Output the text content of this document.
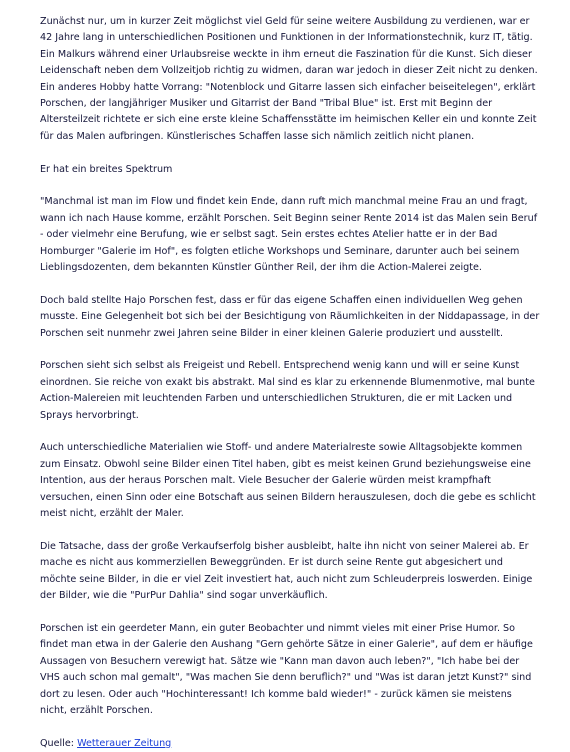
Zunächst nur, um in kurzer Zeit möglichst viel Geld für seine weitere Ausbildung zu verdienen, war er 42 Jahre lang in unterschiedlichen Positionen und Funktionen in der Informationstechnik, kurz IT, tätig. Ein Malkurs während einer Urlaubsreise weckte in ihm erneut die Faszination für die Kunst. Sich dieser Leidenschaft neben dem Vollzeitjob richtig zu widmen, daran war jedoch in dieser Zeit nicht zu denken. Ein anderes Hobby hatte Vorrang: "Notenblock und Gitarre lassen sich einfacher beiseitelegen", erklärt Porschen, der langjähriger Musiker und Gitarrist der Band "Tribal Blue" ist. Erst mit Beginn der Altersteilzeit richtete er sich eine erste kleine Schaffensstätte im heimischen Keller ein und konnte Zeit für das Malen aufbringen. Künstlerisches Schaffen lasse sich nämlich zeitlich nicht planen.

Er hat ein breites Spektrum

"Manchmal ist man im Flow und findet kein Ende, dann ruft mich manchmal meine Frau an und fragt, wann ich nach Hause komme, erzählt Porschen. Seit Beginn seiner Rente 2014 ist das Malen sein Beruf - oder vielmehr eine Berufung, wie er selbst sagt. Sein erstes echtes Atelier hatte er in der Bad Homburger "Galerie im Hof", es folgten etliche Workshops und Seminare, darunter auch bei seinem Lieblingsdozenten, dem bekannten Künstler Günther Reil, der ihm die Action-Malerei zeigte.

Doch bald stellte Hajo Porschen fest, dass er für das eigene Schaffen einen individuellen Weg gehen musste. Eine Gelegenheit bot sich bei der Besichtigung von Räumlichkeiten in der Niddapassage, in der Porschen seit nunmehr zwei Jahren seine Bilder in einer kleinen Galerie produziert und ausstellt.

Porschen sieht sich selbst als Freigeist und Rebell. Entsprechend wenig kann und will er seine Kunst einordnen. Sie reiche von exakt bis abstrakt. Mal sind es klar zu erkennende Blumenmotive, mal bunte Action-Malereien mit leuchtenden Farben und unterschiedlichen Strukturen, die er mit Lacken und Sprays hervorbringt.

Auch unterschiedliche Materialien wie Stoff- und andere Materialreste sowie Alltagsobjekte kommen zum Einsatz. Obwohl seine Bilder einen Titel haben, gibt es meist keinen Grund beziehungsweise eine Intention, aus der heraus Porschen malt. Viele Besucher der Galerie würden meist krampfhaft versuchen, einen Sinn oder eine Botschaft aus seinen Bildern herauszulesen, doch die gebe es schlicht meist nicht, erzählt der Maler.

Die Tatsache, dass der große Verkaufserfolg bisher ausbleibt, halte ihn nicht von seiner Malerei ab. Er mache es nicht aus kommerziellen Beweggründen. Er ist durch seine Rente gut abgesichert und möchte seine Bilder, in die er viel Zeit investiert hat, auch nicht zum Schleuderpreis loswerden. Einige der Bilder, wie die "PurPur Dahlia" sind sogar unverkäuflich.

Porschen ist ein geerdeter Mann, ein guter Beobachter und nimmt vieles mit einer Prise Humor. So findet man etwa in der Galerie den Aushang "Gern gehörte Sätze in einer Galerie", auf dem er häufige Aussagen von Besuchern verewigt hat. Sätze wie "Kann man davon auch leben?", "Ich habe bei der VHS auch schon mal gemalt", "Was machen Sie denn beruflich?" und "Was ist daran jetzt Kunst?" sind dort zu lesen. Oder auch "Hochinteressant! Ich komme bald wieder!" - zurück kämen sie meistens nicht, erzählt Porschen.

Quelle: Wetterauer Zeitung
